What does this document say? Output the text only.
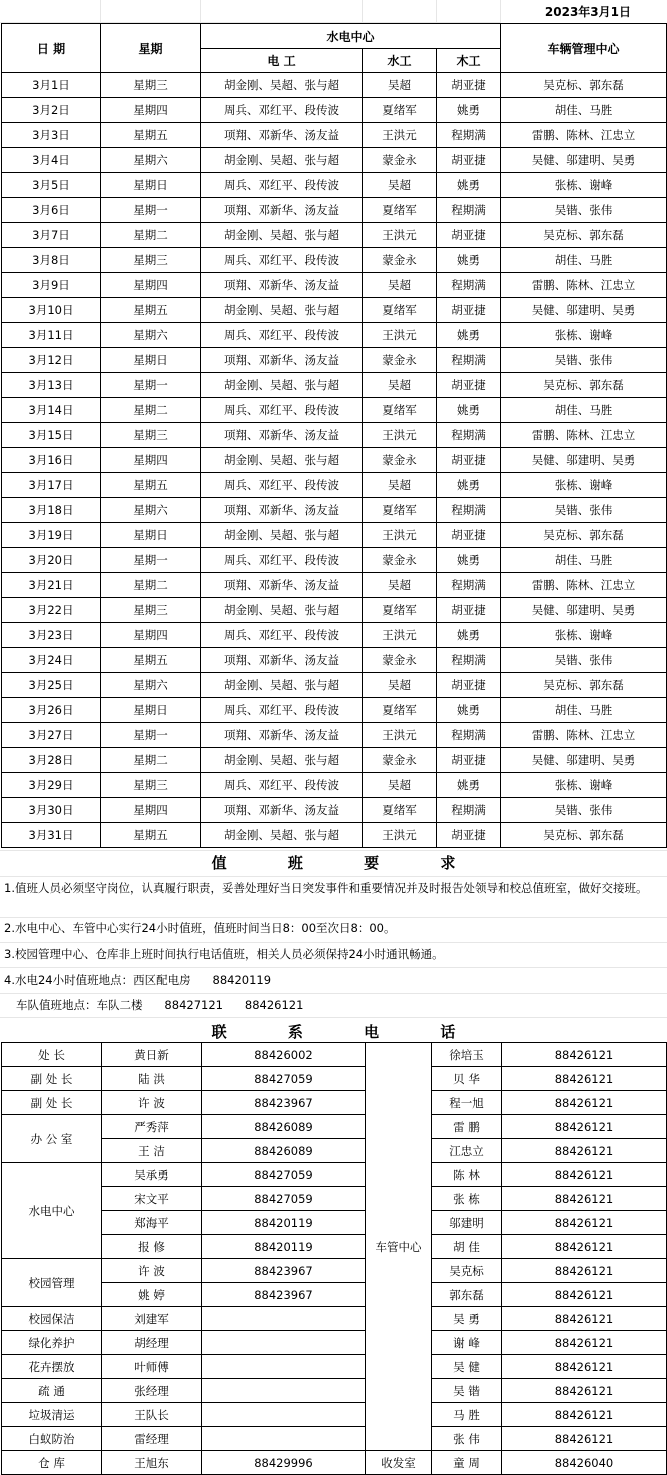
2023年3月1日
日 期	星期	水电中心			车辆管理中心
		电 工	水工	木工	
3月1日	星期三	胡金刚、吴超、张与超	吴超	胡亚捷	吴克标、郭东磊
3月2日	星期四	周兵、邓红平、段传波	夏绪军	姚勇	胡佳、马胜
3月3日	星期五	项翔、邓新华、汤友益	王洪元	程期满	雷鹏、陈林、江忠立
3月4日	星期六	胡金刚、吴超、张与超	蒙金永	胡亚捷	吴健、邬建明、吴勇
3月5日	星期日	周兵、邓红平、段传波	吴超	姚勇	张栋、谢峰
3月6日	星期一	项翔、邓新华、汤友益	夏绪军	程期满	吴锴、张伟
3月7日	星期二	胡金刚、吴超、张与超	王洪元	胡亚捷	吴克标、郭东磊
3月8日	星期三	周兵、邓红平、段传波	蒙金永	姚勇	胡佳、马胜
3月9日	星期四	项翔、邓新华、汤友益	吴超	程期满	雷鹏、陈林、江忠立
3月10日	星期五	胡金刚、吴超、张与超	夏绪军	胡亚捷	吴健、邬建明、吴勇
3月11日	星期六	周兵、邓红平、段传波	王洪元	姚勇	张栋、谢峰
3月12日	星期日	项翔、邓新华、汤友益	蒙金永	程期满	吴锴、张伟
3月13日	星期一	胡金刚、吴超、张与超	吴超	胡亚捷	吴克标、郭东磊
3月14日	星期二	周兵、邓红平、段传波	夏绪军	姚勇	胡佳、马胜
3月15日	星期三	项翔、邓新华、汤友益	王洪元	程期满	雷鹏、陈林、江忠立
3月16日	星期四	胡金刚、吴超、张与超	蒙金永	胡亚捷	吴健、邬建明、吴勇
3月17日	星期五	周兵、邓红平、段传波	吴超	姚勇	张栋、谢峰
3月18日	星期六	项翔、邓新华、汤友益	夏绪军	程期满	吴锴、张伟
3月19日	星期日	胡金刚、吴超、张与超	王洪元	胡亚捷	吴克标、郭东磊
3月20日	星期一	周兵、邓红平、段传波	蒙金永	姚勇	胡佳、马胜
3月21日	星期二	项翔、邓新华、汤友益	吴超	程期满	雷鹏、陈林、江忠立
3月22日	星期三	胡金刚、吴超、张与超	夏绪军	胡亚捷	吴健、邬建明、吴勇
3月23日	星期四	周兵、邓红平、段传波	王洪元	姚勇	张栋、谢峰
3月24日	星期五	项翔、邓新华、汤友益	蒙金永	程期满	吴锴、张伟
3月25日	星期六	胡金刚、吴超、张与超	吴超	胡亚捷	吴克标、郭东磊
3月26日	星期日	周兵、邓红平、段传波	夏绪军	姚勇	胡佳、马胜
3月27日	星期一	项翔、邓新华、汤友益	王洪元	程期满	雷鹏、陈林、江忠立
3月28日	星期二	胡金刚、吴超、张与超	蒙金永	胡亚捷	吴健、邬建明、吴勇
3月29日	星期三	周兵、邓红平、段传波	吴超	姚勇	张栋、谢峰
3月30日	星期四	项翔、邓新华、汤友益	夏绪军	程期满	吴锴、张伟
3月31日	星期五	胡金刚、吴超、张与超	王洪元	胡亚捷	吴克标、郭东磊
值	班	要	求
1.值班人员必须坚守岗位，认真履行职责，妥善处理好当日突发事件和重要情况并及时报告处领导和校总值班室，做好交接班。
2.水电中心、车管中心实行24小时值班，值班时间当日8：00至次日8：00。
3.校园管理中心、仓库非上班时间执行电话值班，相关人员必须保持24小时通讯畅通。
4.水电24小时值班地点：西区配电房      88420119
车队值班地点：车队二楼      88427121      88426121
联	系	电	话
处 长	黄日新	88426002	车管中心	徐培玉	88426121
副 处 长	陆 洪	88427059		贝 华	88426121
副 处 长	许 波	88423967		程一旭	88426121
办 公 室	严秀萍	88426089		雷 鹏	88426121
	王 洁	88426089		江忠立	88426121
水电中心	吴承勇	88427059		陈 林	88426121
	宋文平	88427059		张 栋	88426121
	郑海平	88420119		邬建明	88426121
	报 修	88420119		胡 佳	88426121
校园管理	许 波	88423967		吴克标	88426121
	姚 婷	88423967		郭东磊	88426121
校园保洁	刘建军			吴 勇	88426121
绿化养护	胡经理			谢 峰	88426121
花卉摆放	叶师傅			吴 健	88426121
疏 通	张经理			吴 锴	88426121
垃圾清运	王队长			马 胜	88426121
白蚁防治	雷经理			张 伟	88426121
仓 库	王旭东	88429996	收发室	童 周	88426040
